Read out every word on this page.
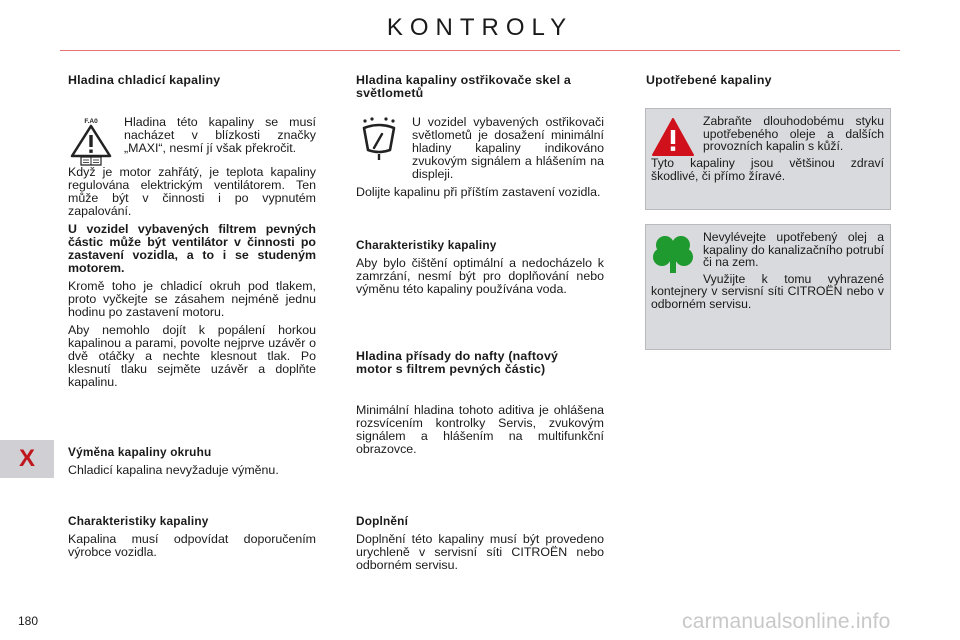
KONTROLY
X
180	carmanualsonline.info
Hladina chladicí kapaliny
F.A0 Hladina této kapaliny se musí nacházet v blízkosti značky „MAXI“, nesmí jí však překročit.

Když je motor zahřátý, je teplota kapaliny regulována elektrickým ventilátorem. Ten může být v činnosti i po vypnutém zapalování.

U vozidel vybavených filtrem pevných částic může být ventilátor v činnosti po zastavení vozidla, a to i se studeným motorem.

Kromě toho je chladicí okruh pod tlakem, proto vyčkejte se zásahem nejméně jednu hodinu po zastavení motoru.

Aby nemohlo dojít k popálení horkou kapalinou a parami, povolte nejprve uzávěr o dvě otáčky a nechte klesnout tlak. Po klesnutí tlaku sejměte uzávěr a doplňte kapalinu.

Výměna kapaliny okruhu

Chladicí kapalina nevyžaduje výměnu.

Charakteristiky kapaliny

Kapalina musí odpovídat doporučením výrobce vozidla.

Hladina kapaliny ostřikovače skel a světlometů

U vozidel vybavených ostřikovači světlometů je dosažení minimální hladiny kapaliny indikováno zvukovým signálem a hlášením na displeji.

Dolijte kapalinu při příštím zastavení vozidla.

Charakteristiky kapaliny

Aby bylo čištění optimální a nedocházelo k zamrzání, nesmí být pro doplňování nebo výměnu této kapaliny používána voda.

Hladina přísady do nafty (naftový motor s filtrem pevných částic)

Minimální hladina tohoto aditiva je ohlášena rozsvícením kontrolky Servis, zvukovým signálem a hlášením na multifunkční obrazovce.

Doplnění

Doplnění této kapaliny musí být provedeno urychleně v servisní síti CITROËN nebo odborném servisu.

Upotřebené kapaliny

Zabraňte dlouhodobému styku upotřebeného oleje a dalších provozních kapalin s kůží.

Tyto kapaliny jsou většinou zdraví škodlivé, či přímo žíravé.

Nevylévejte upotřebený olej a kapaliny do kanalizačního potrubí či na zem.

Využijte k tomu vyhrazené kontejnery v servisní síti CITROËN nebo v odborném servisu.
